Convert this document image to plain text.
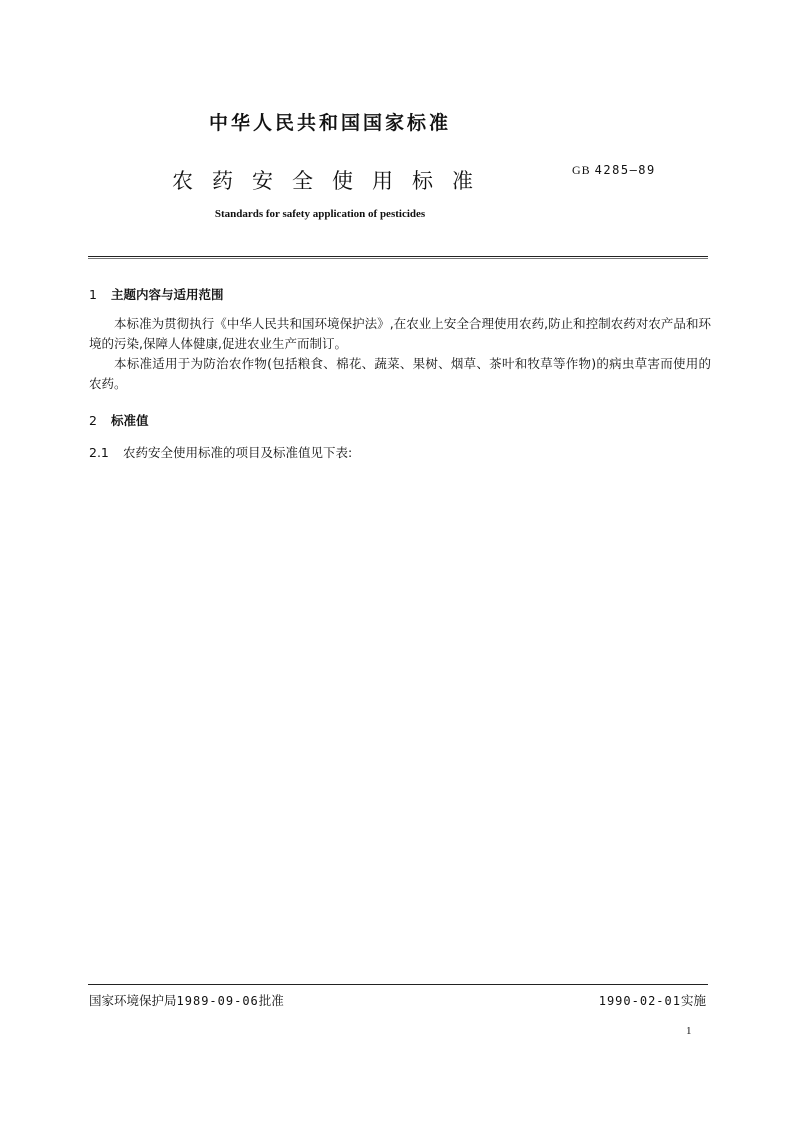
中华人民共和国国家标准
农药安全使用标准	GB 4285—89
Standards for safety application of pesticides
1 主题内容与适用范围
本标准为贯彻执行《中华人民共和国环境保护法》,在农业上安全合理使用农药,防止和控制农药对农产品和环境的污染,保障人体健康,促进农业生产而制订。
本标准适用于为防治农作物(包括粮食、棉花、蔬菜、果树、烟草、茶叶和牧草等作物)的病虫草害而使用的农药。
2 标准值
2.1 农药安全使用标准的项目及标准值见下表:
国家环境保护局1989-09-06批准	1990-02-01实施
1
